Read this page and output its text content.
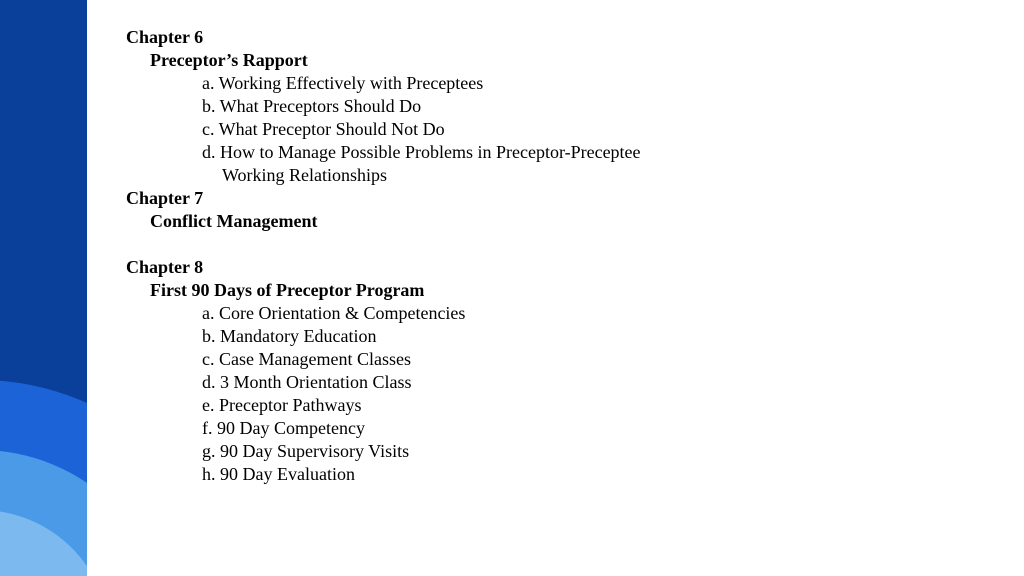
Chapter 6
Preceptor’s Rapport
a. Working Effectively with Preceptees
b. What Preceptors Should Do
c. What Preceptor Should Not Do
d. How to Manage Possible Problems in Preceptor-Preceptee
Working Relationships
Chapter 7
Conflict Management
Chapter 8
First 90 Days of Preceptor Program
a. Core Orientation & Competencies
b. Mandatory Education
c. Case Management Classes
d. 3 Month Orientation Class
e. Preceptor Pathways
f. 90 Day Competency
g. 90 Day Supervisory Visits
h. 90 Day Evaluation
